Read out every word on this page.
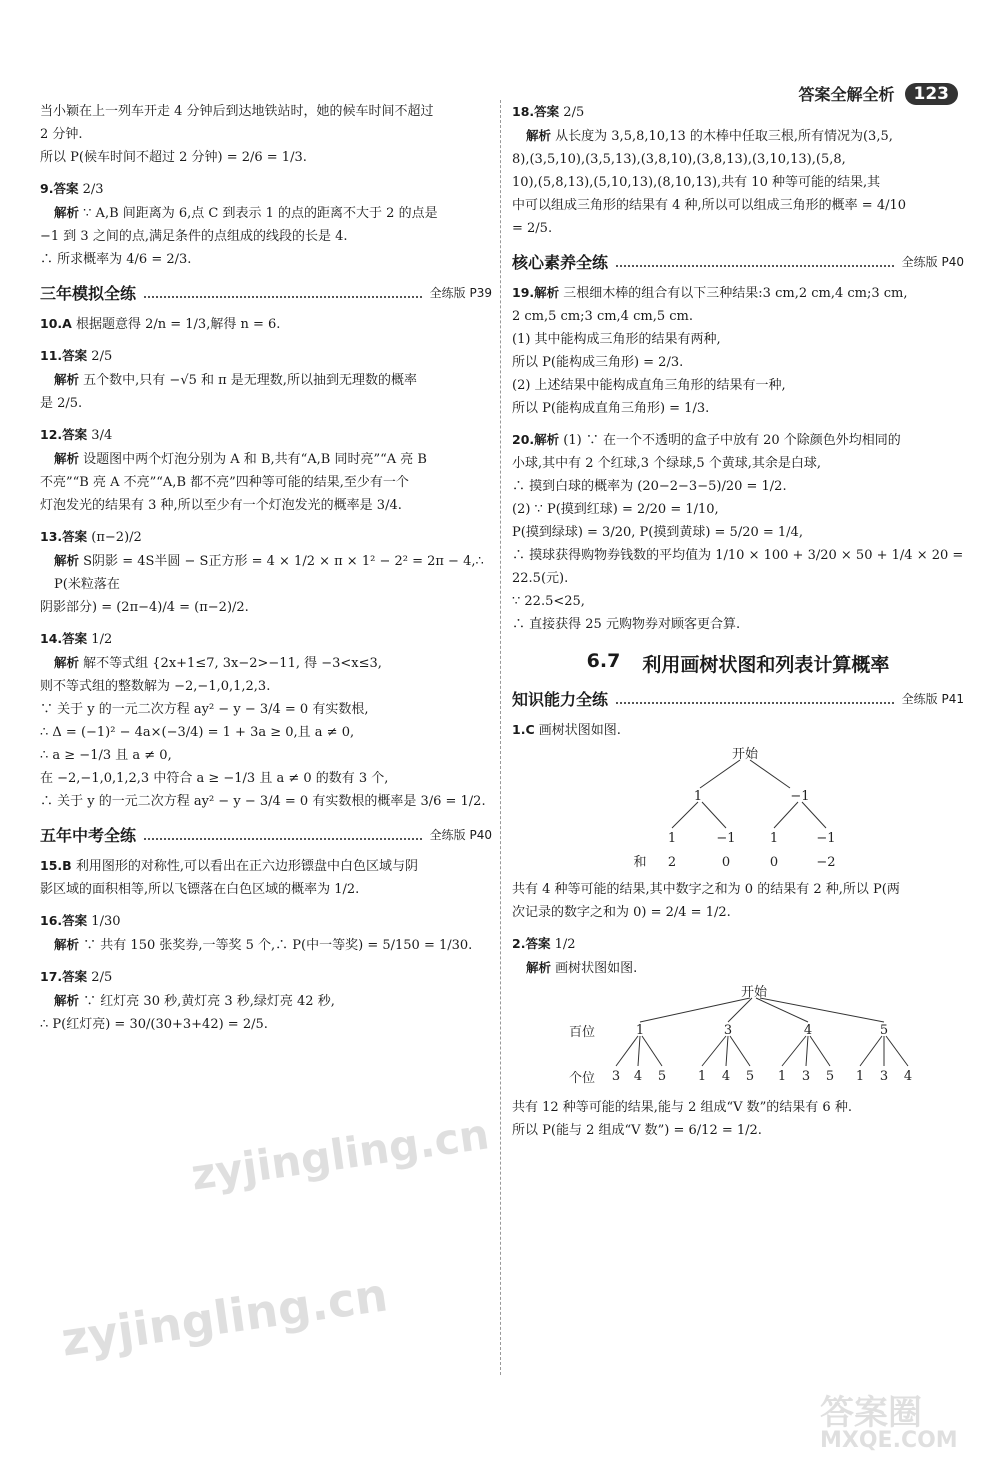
答案全解全析	123

当小颖在上一列车开走 4 分钟后到达地铁站时，她的候车时间不超过

2 分钟.

所以 P(候车时间不超过 2 分钟) = 2/6 = 1/3.

9.答案 2/3

解析 ∵ A,B 间距离为 6,点 C 到表示 1 的点的距离不大于 2 的点是

−1 到 3 之间的点,满足条件的点组成的线段的长是 4.

∴ 所求概率为 4/6 = 2/3.

三年模拟全练	全练版 P39

10.A 根据题意得 2/n = 1/3,解得 n = 6.

11.答案 2/5

解析 五个数中,只有 −√5 和 π 是无理数,所以抽到无理数的概率

是 2/5.

12.答案 3/4

解析 设题图中两个灯泡分别为 A 和 B,共有“A,B 同时亮”“A 亮 B

不亮”“B 亮 A 不亮”“A,B 都不亮”四种等可能的结果,至少有一个

灯泡发光的结果有 3 种,所以至少有一个灯泡发光的概率是 3/4.

13.答案 (π−2)/2

解析 S阴影 = 4S半圆 − S正方形 = 4 × 1/2 × π × 1² − 2² = 2π − 4,∴ P(米粒落在

阴影部分) = (2π−4)/4 = (π−2)/2.

14.答案 1/2

解析 解不等式组 {2x+1≤7, 3x−2>−11, 得 −3<x≤3,

则不等式组的整数解为 −2,−1,0,1,2,3.

∵ 关于 y 的一元二次方程 ay² − y − 3/4 = 0 有实数根,

∴ Δ = (−1)² − 4a×(−3/4) = 1 + 3a ≥ 0,且 a ≠ 0,

∴ a ≥ −1/3 且 a ≠ 0,

在 −2,−1,0,1,2,3 中符合 a ≥ −1/3 且 a ≠ 0 的数有 3 个,

∴ 关于 y 的一元二次方程 ay² − y − 3/4 = 0 有实数根的概率是 3/6 = 1/2.

五年中考全练	全练版 P40

15.B 利用图形的对称性,可以看出在正六边形镖盘中白色区域与阴

影区域的面积相等,所以飞镖落在白色区域的概率为 1/2.

16.答案 1/30

解析 ∵ 共有 150 张奖券,一等奖 5 个,∴ P(中一等奖) = 5/150 = 1/30.

17.答案 2/5

解析 ∵ 红灯亮 30 秒,黄灯亮 3 秒,绿灯亮 42 秒,

∴ P(红灯亮) = 30/(30+3+42) = 2/5.

18.答案 2/5

解析 从长度为 3,5,8,10,13 的木棒中任取三根,所有情况为(3,5,

8),(3,5,10),(3,5,13),(3,8,10),(3,8,13),(3,10,13),(5,8,

10),(5,8,13),(5,10,13),(8,10,13),共有 10 种等可能的结果,其

中可以组成三角形的结果有 4 种,所以可以组成三角形的概率 = 4/10

= 2/5.

核心素养全练	全练版 P40

19.解析 三根细木棒的组合有以下三种结果:3 cm,2 cm,4 cm;3 cm,

2 cm,5 cm;3 cm,4 cm,5 cm.

(1) 其中能构成三角形的结果有两种,

所以 P(能构成三角形) = 2/3.

(2) 上述结果中能构成直角三角形的结果有一种,

所以 P(能构成直角三角形) = 1/3.

20.解析 (1) ∵ 在一个不透明的盒子中放有 20 个除颜色外均相同的

小球,其中有 2 个红球,3 个绿球,5 个黄球,其余是白球,

∴ 摸到白球的概率为 (20−2−3−5)/20 = 1/2.

(2) ∵ P(摸到红球) = 2/20 = 1/10,

P(摸到绿球) = 3/20, P(摸到黄球) = 5/20 = 1/4,

∴ 摸球获得购物券钱数的平均值为 1/10 × 100 + 3/20 × 50 + 1/4 × 20 =

22.5(元).

∵ 22.5<25,

∴ 直接获得 25 元购物券对顾客更合算.

6.7 利用画树状图和列表计算概率
知识能力全练	全练版 P41

1.C 画树状图如图.

开始
1	−1
1	−1	1	−1
和 2	0	0	−2

共有 4 种等可能的结果,其中数字之和为 0 的结果有 2 种,所以 P(两

次记录的数字之和为 0) = 2/4 = 1/2.

2.答案 1/2

解析 画树状图如图.

开始
百位	1	3	4	5
个位 3 4 5 1 4 5 1 3 5 1 3 4

共有 12 种等可能的结果,能与 2 组成“V 数”的结果有 6 种.

所以 P(能与 2 组成“V 数”) = 6/12 = 1/2.

zyjingling.cn
zyjingling.cn
答案圈
MXQE.COM
